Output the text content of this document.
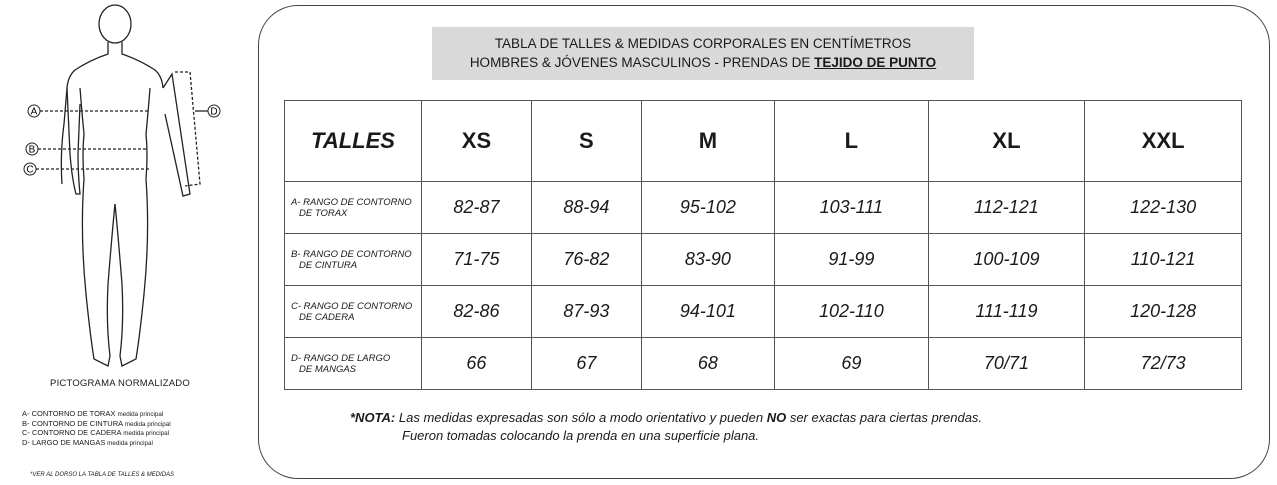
A
B
C
D
PICTOGRAMA NORMALIZADO
A- CONTORNO DE TORAX medida principal
B- CONTORNO DE CINTURA medida principal
C- CONTORNO DE CADERA medida principal
D- LARGO DE MANGAS medida principal
*VER AL DORSO LA TABLA DE TALLES & MEDIDAS
TABLA DE TALLES & MEDIDAS CORPORALES EN CENTÍMETROS
HOMBRES & JÓVENES MASCULINOS - PRENDAS DE TEJIDO DE PUNTO
TALLES	XS	S	M	L	XL	XXL

A- RANGO DE CONTORNO
DE TORAX	82-87	88-94	95-102	103-111	112-121	122-130

B- RANGO DE CONTORNO
DE CINTURA	71-75	76-82	83-90	91-99	100-109	110-121

C- RANGO DE CONTORNO
DE CADERA	82-86	87-93	94-101	102-110	111-119	120-128

D- RANGO DE LARGO
DE MANGAS	66	67	68	69	70/71	72/73
*NOTA: Las medidas expresadas son sólo a modo orientativo y pueden NO ser exactas para ciertas prendas.
Fueron tomadas colocando la prenda en una superficie plana.
